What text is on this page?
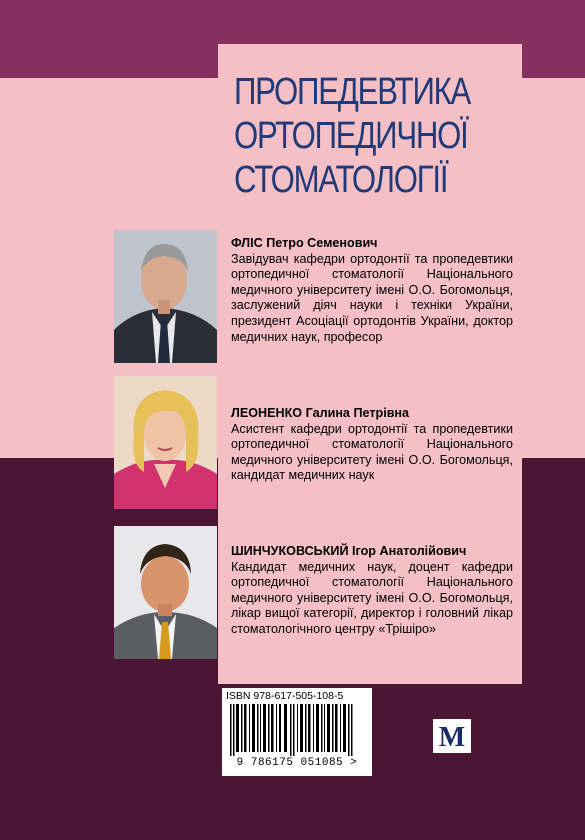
ПРОПЕДЕВТИКА
ОРТОПЕДИЧНОЇ
СТОМАТОЛОГІЇ
ФЛІС Петро Семенович
Завідувач кафедри ортодонтії та пропедевтики ортопедичної стоматології Національного медичного університету імені О.О. Богомольця, заслужений діяч науки і техніки України, президент Асоціації ортодонтів України, доктор медичних наук, професор
ЛЕОНЕНКО Галина Петрівна
Асистент кафедри ортодонтії та пропедевтики ортопедичної стоматології Національного медичного університету імені О.О. Богомольця, кандидат медичних наук
ШИНЧУКОВСЬКИЙ Ігор Анатолійович
Кандидат медичних наук, доцент кафедри ортопедичної стоматології Національного медичного університету імені О.О. Богомольця, лікар вищої категорії, директор і головний лікар стоматологічного центру «Трішіро»
ISBN 978-617-505-108-5
9 786175 051085 >
М
